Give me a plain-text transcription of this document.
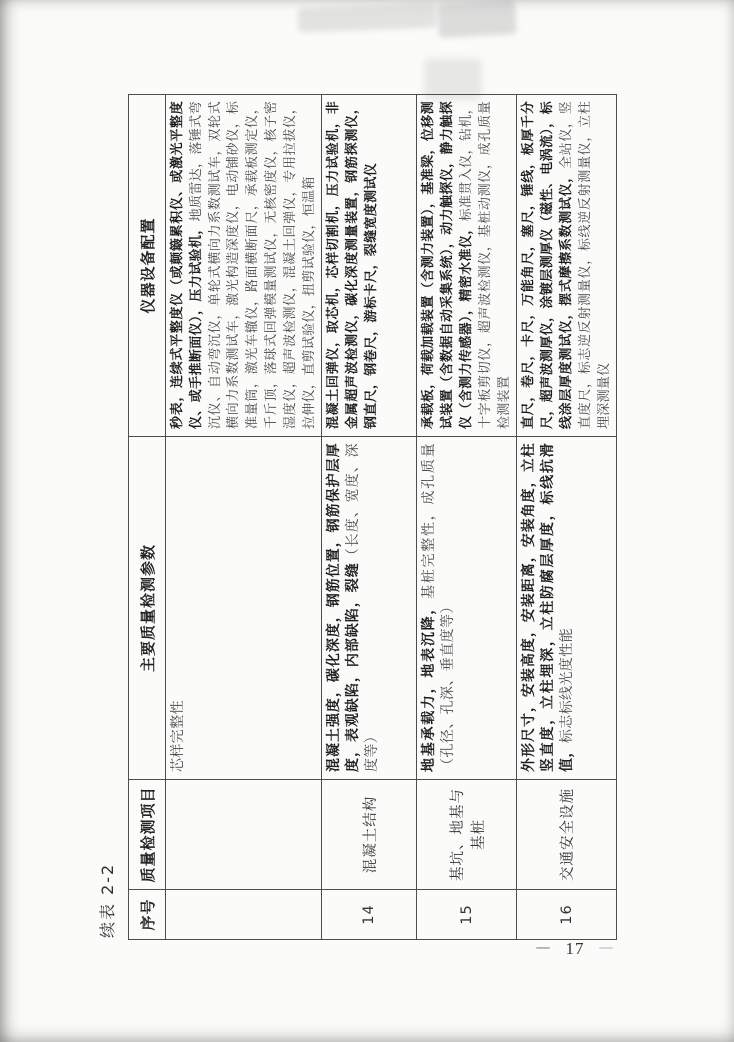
续表 2-2 序号	质量检测项目	主要质量检测参数	仪器设备配置
		芯样完整性	秒表，连续式平整度仪（或颠簸累积仪、或激光平整度仪、或手推断面仪），压力试验机，地质雷达，落锤式弯沉仪、自动弯沉仪，单轮式横向力系数测试车，双轮式横向力系数测试车，激光构造深度仪，电动铺砂仪，标准量筒，激光车辙仪，路面横断面尺，承载板测定仪，千斤顶，落球式回弹模量测试仪，无核密度仪，核子密湿度仪，超声波检测仪，混凝土回弹仪，专用拉拔仪，拉伸仪，直剪试验仪，扭剪试验仪，恒温箱
14	混凝土结构	混凝土强度，碳化深度，钢筋位置，钢筋保护层厚度，表观缺陷，内部缺陷，裂缝（长度、宽度、深度等）	混凝土回弹仪，取芯机，芯样切割机，压力试验机，非金属超声波检测仪，碳化深度测量装置，钢筋探测仪，钢直尺，钢卷尺，游标卡尺，裂缝宽度测试仪
15	基坑、地基与基桩	地基承载力，地表沉降，基桩完整性，成孔质量（孔径、孔深、垂直度等）	承载板，荷载加载装置（含测力装置），基准梁，位移测试装置（含数据自动采集系统），动力触探仪，静力触探仪（含测力传感器），精密水准仪，标准贯入仪，钻机，十字板剪切仪，超声波检测仪，基桩动测仪，成孔质量检测装置
16	交通安全设施	外形尺寸，安装高度，安装距离，安装角度，立柱竖直度，立柱埋深，立柱防腐层厚度，标线抗滑值，标志标线光度性能	直尺，卷尺，卡尺，万能角尺，塞尺，锤线，板厚千分尺，超声波测厚仪，涂镀层测厚仪（磁性、电涡流），标线涂层厚度测试仪，摆式摩擦系数测试仪，全站仪，竖直度尺，标志逆反射测量仪，标线逆反射测量仪，立柱埋深测量仪
— 17 —
